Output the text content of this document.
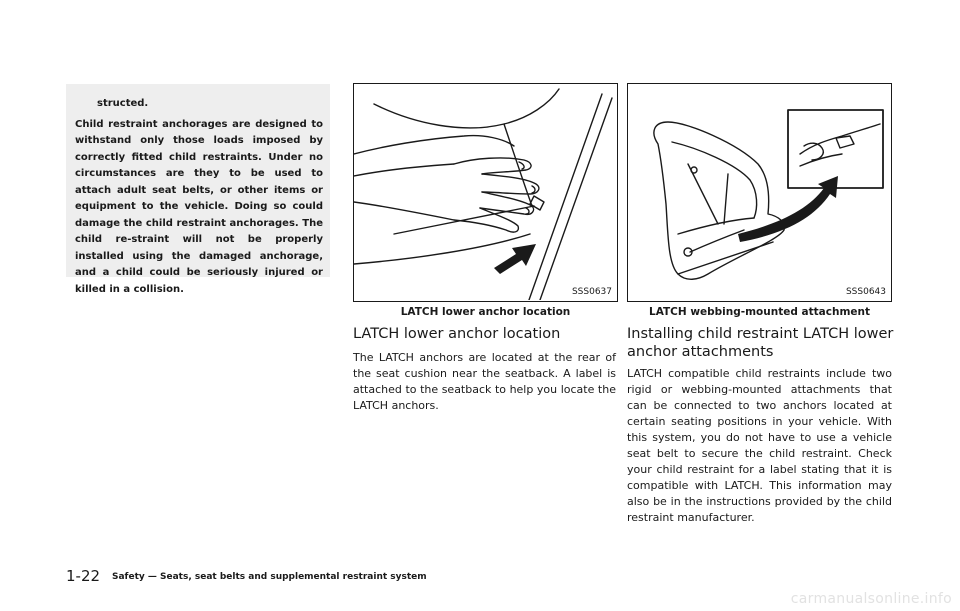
structed.
Child restraint anchorages are designed to withstand only those loads imposed by correctly fitted child restraints. Under no circumstances are they to be used to attach adult seat belts, or other items or equipment to the vehicle. Doing so could damage the child restraint anchorages. The child re-straint will not be properly installed using the damaged anchorage, and a child could be seriously injured or killed in a collision.	SSS0637
LATCH lower anchor location
SSS0643
LATCH webbing-mounted attachment
LATCH lower anchor location
The LATCH anchors are located at the rear of the seat cushion near the seatback. A label is attached to the seatback to help you locate the LATCH anchors.
Installing child restraint LATCH lower anchor attachments
LATCH compatible child restraints include two rigid or webbing-mounted attachments that can be connected to two anchors located at certain seating positions in your vehicle. With this system, you do not have to use a vehicle seat belt to secure the child restraint. Check your child restraint for a label stating that it is compatible with LATCH. This information may also be in the instructions provided by the child restraint manufacturer.
1-22 Safety — Seats, seat belts and supplemental restraint system
carmanualsonline.info
